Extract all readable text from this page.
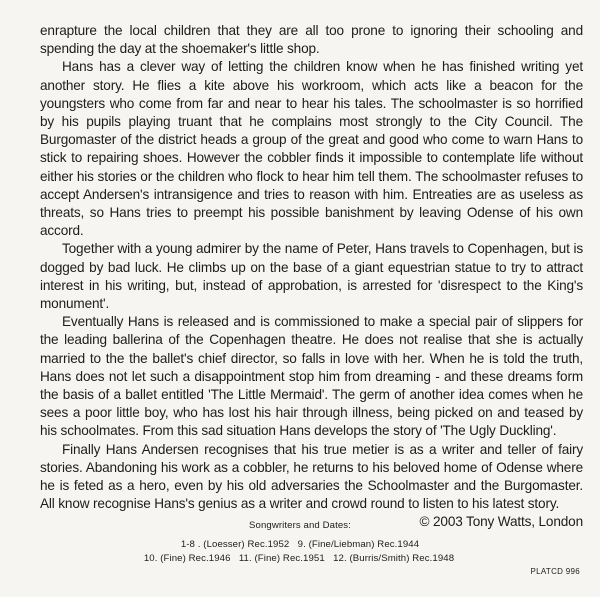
enrapture the local children that they are all too prone to ignoring their schooling and spending the day at the shoemaker's little shop.

Hans has a clever way of letting the children know when he has finished writing yet another story. He flies a kite above his workroom, which acts like a beacon for the youngsters who come from far and near to hear his tales. The schoolmaster is so horrified by his pupils playing truant that he complains most strongly to the City Council. The Burgomaster of the district heads a group of the great and good who come to warn Hans to stick to repairing shoes. However the cobbler finds it impossible to contemplate life without either his stories or the children who flock to hear him tell them. The schoolmaster refuses to accept Andersen's intransigence and tries to reason with him. Entreaties are as useless as threats, so Hans tries to preempt his possible banishment by leaving Odense of his own accord.

Together with a young admirer by the name of Peter, Hans travels to Copenhagen, but is dogged by bad luck. He climbs up on the base of a giant equestrian statue to try to attract interest in his writing, but, instead of approbation, is arrested for 'disrespect to the King's monument'.

Eventually Hans is released and is commissioned to make a special pair of slippers for the leading ballerina of the Copenhagen theatre. He does not realise that she is actually married to the the ballet's chief director, so falls in love with her. When he is told the truth, Hans does not let such a disappointment stop him from dreaming - and these dreams form the basis of a ballet entitled 'The Little Mermaid'. The germ of another idea comes when he sees a poor little boy, who has lost his hair through illness, being picked on and teased by his schoolmates. From this sad situation Hans develops the story of 'The Ugly Duckling'.

Finally Hans Andersen recognises that his true metier is as a writer and teller of fairy stories. Abandoning his work as a cobbler, he returns to his beloved home of Odense where he is feted as a hero, even by his old adversaries the Schoolmaster and the Burgomaster. All know recognise Hans's genius as a writer and crowd round to listen to his latest story.

© 2003 Tony Watts, London
Songwriters and Dates:
1-8 . (Loesser) Rec.1952   9. (Fine/Liebman) Rec.1944
10. (Fine) Rec.1946   11. (Fine) Rec.1951   12. (Burris/Smith) Rec.1948
PLATCD 996
